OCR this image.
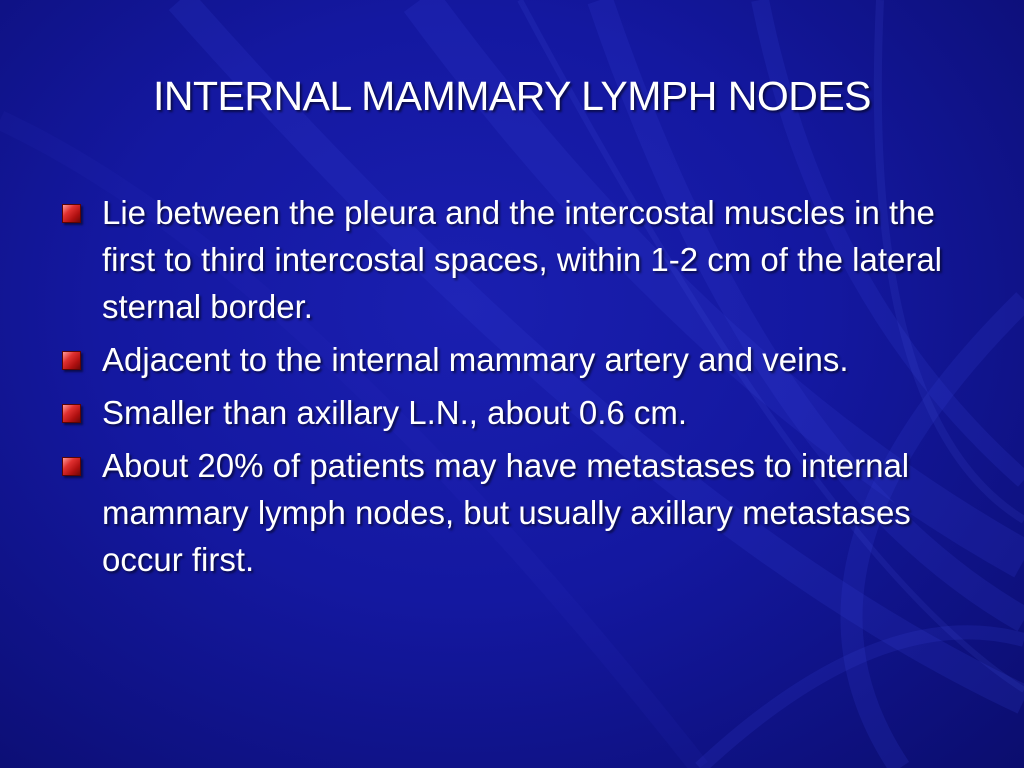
INTERNAL MAMMARY LYMPH NODES
Lie between the pleura and the intercostal muscles in the first to third intercostal spaces, within 1-2 cm of the lateral sternal border.
Adjacent to the internal mammary artery and veins.
Smaller than axillary L.N., about 0.6 cm.
About 20% of patients may have metastases to internal mammary lymph nodes, but usually axillary metastases occur first.
